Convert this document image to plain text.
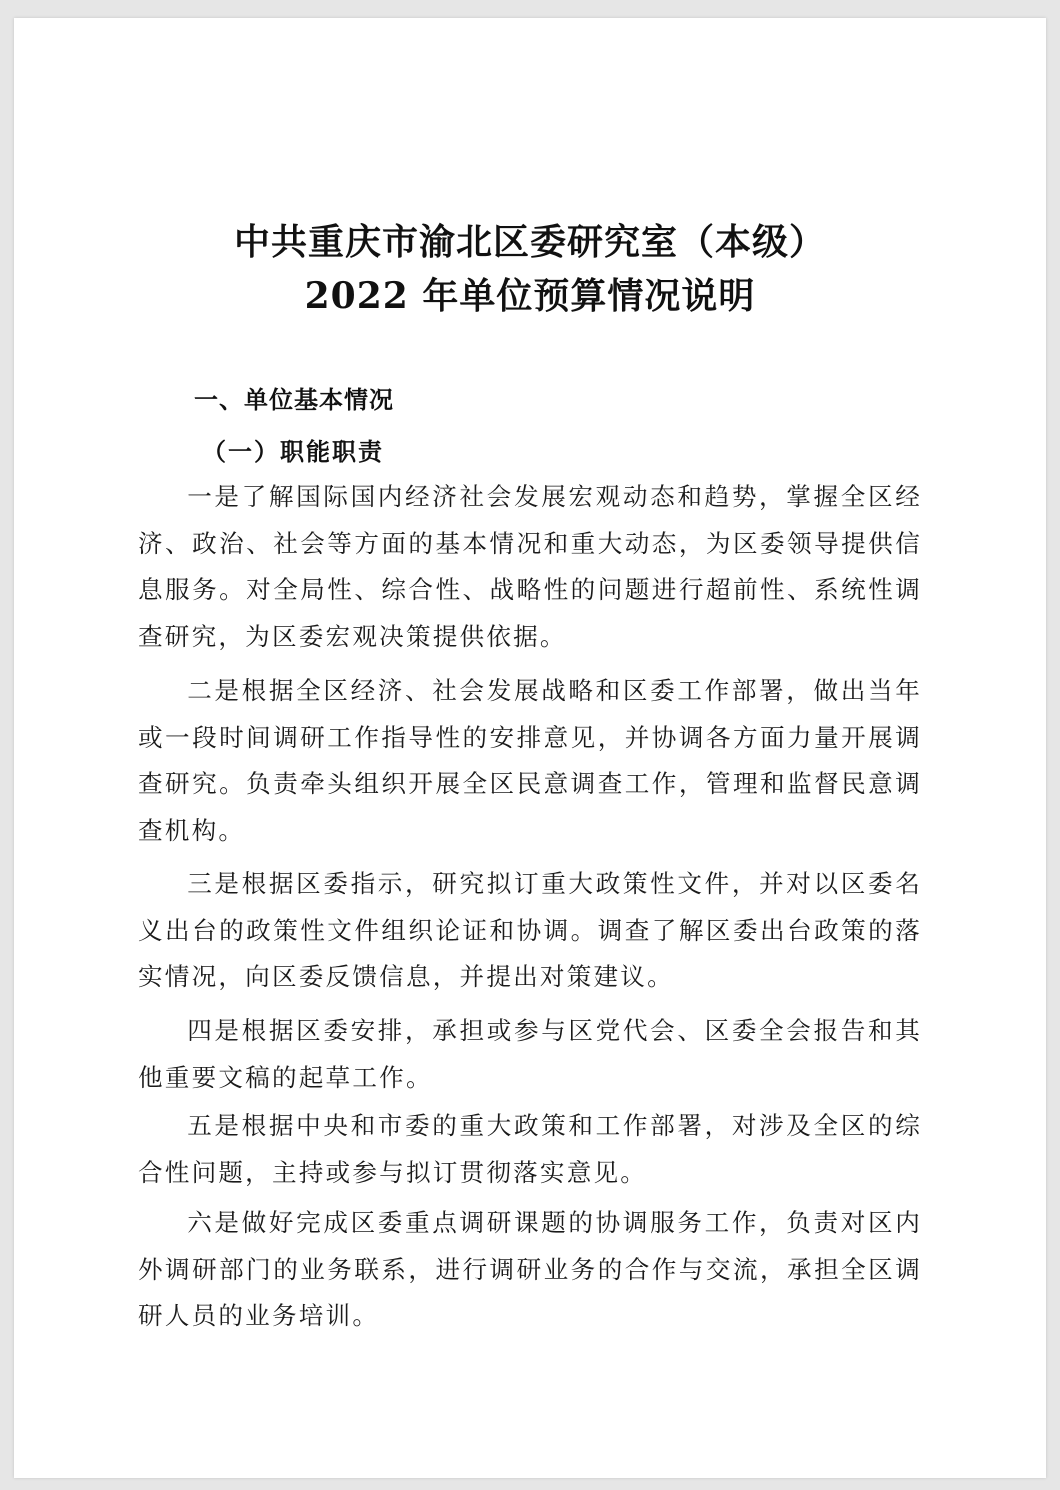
中共重庆市渝北区委研究室（本级）
2022 年单位预算情况说明
一、单位基本情况
（一）职能职责

一是了解国际国内经济社会发展宏观动态和趋势，掌握全区经济、政治、社会等方面的基本情况和重大动态，为区委领导提供信息服务。对全局性、综合性、战略性的问题进行超前性、系统性调查研究，为区委宏观决策提供依据。

二是根据全区经济、社会发展战略和区委工作部署，做出当年或一段时间调研工作指导性的安排意见，并协调各方面力量开展调查研究。负责牵头组织开展全区民意调查工作，管理和监督民意调查机构。

三是根据区委指示，研究拟订重大政策性文件，并对以区委名义出台的政策性文件组织论证和协调。调查了解区委出台政策的落实情况，向区委反馈信息，并提出对策建议。

四是根据区委安排，承担或参与区党代会、区委全会报告和其他重要文稿的起草工作。

五是根据中央和市委的重大政策和工作部署，对涉及全区的综合性问题，主持或参与拟订贯彻落实意见。

六是做好完成区委重点调研课题的协调服务工作，负责对区内外调研部门的业务联系，进行调研业务的合作与交流，承担全区调研人员的业务培训。
